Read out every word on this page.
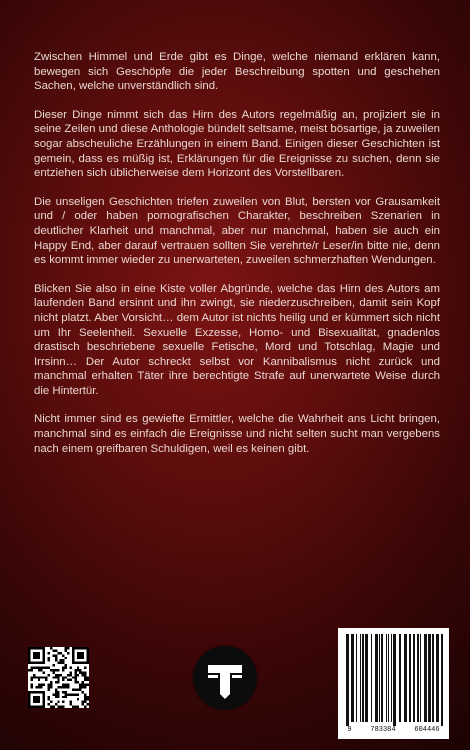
Zwischen Himmel und Erde gibt es Dinge, welche niemand erklären kann, bewegen sich Geschöpfe die jeder Beschreibung spotten und geschehen Sachen, welche unverständlich sind.

Dieser Dinge nimmt sich das Hirn des Autors regelmäßig an, projiziert sie in seine Zeilen und diese Anthologie bündelt seltsame, meist bösartige, ja zuweilen sogar abscheuliche Erzählungen in einem Band. Einigen dieser Geschichten ist gemein, dass es müßig ist, Erklärungen für die Ereignisse zu suchen, denn sie entziehen sich üblicherweise dem Horizont des Vorstellbaren.

Die unseligen Geschichten triefen zuweilen von Blut, bersten vor Grausamkeit und / oder haben pornografischen Charakter, beschreiben Szenarien in deutlicher Klarheit und manchmal, aber nur manchmal, haben sie auch ein Happy End, aber darauf vertrauen sollten Sie verehrte/r Leser/in bitte nie, denn es kommt immer wieder zu unerwarteten, zuweilen schmerzhaften Wendungen.

Blicken Sie also in eine Kiste voller Abgründe, welche das Hirn des Autors am laufenden Band ersinnt und ihn zwingt, sie niederzuschreiben, damit sein Kopf nicht platzt. Aber Vorsicht… dem Autor ist nichts heilig und er kümmert sich nicht um Ihr Seelenheil. Sexuelle Exzesse, Homo- und Bisexualität, gnadenlos drastisch beschriebene sexuelle Fetische, Mord und Totschlag, Magie und Irrsinn… Der Autor schreckt selbst vor Kannibalismus nicht zurück und manchmal erhalten Täter ihre berechtigte Strafe auf unerwartete Weise durch die Hintertür.

Nicht immer sind es gewiefte Ermittler, welche die Wahrheit ans Licht bringen, manchmal sind es einfach die Ereignisse und nicht selten sucht man vergebens nach einem greifbaren Schuldigen, weil es keinen gibt.

9	783384	604446
